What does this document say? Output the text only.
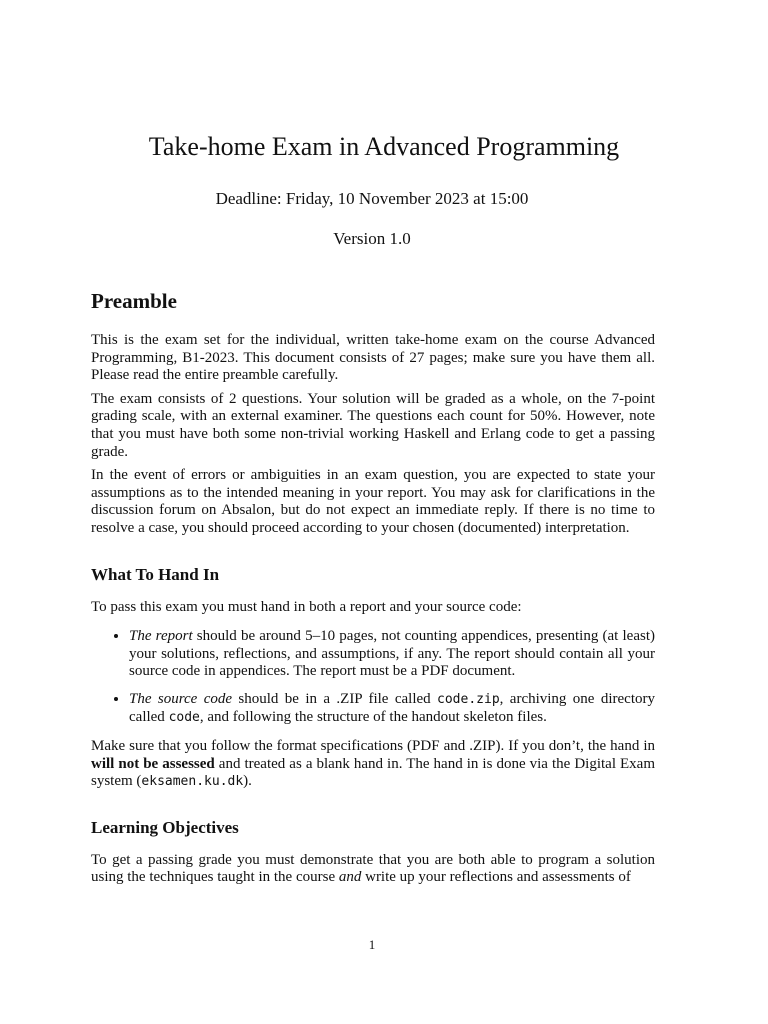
Take-home Exam in Advanced Programming
Deadline: Friday, 10 November 2023 at 15:00
Version 1.0
Preamble

This is the exam set for the individual, written take-home exam on the course Advanced Programming, B1-2023. This document consists of 27 pages; make sure you have them all. Please read the entire preamble carefully.

The exam consists of 2 questions. Your solution will be graded as a whole, on the 7-point grading scale, with an external examiner. The questions each count for 50%. However, note that you must have both some non-trivial working Haskell and Erlang code to get a passing grade.

In the event of errors or ambiguities in an exam question, you are expected to state your assumptions as to the intended meaning in your report. You may ask for clarifications in the discussion forum on Absalon, but do not expect an immediate reply. If there is no time to resolve a case, you should proceed according to your chosen (documented) interpretation.

What To Hand In

To pass this exam you must hand in both a report and your source code:

• The report should be around 5–10 pages, not counting appendices, presenting (at least) your solutions, reflections, and assumptions, if any. The report should contain all your source code in appendices. The report must be a PDF document.
• The source code should be in a .ZIP file called code.zip, archiving one directory called code, and following the structure of the handout skeleton files.

Make sure that you follow the format specifications (PDF and .ZIP). If you don’t, the hand in will not be assessed and treated as a blank hand in. The hand in is done via the Digital Exam system (eksamen.ku.dk).

Learning Objectives

To get a passing grade you must demonstrate that you are both able to program a solution using the techniques taught in the course and write up your reflections and assessments of

1
